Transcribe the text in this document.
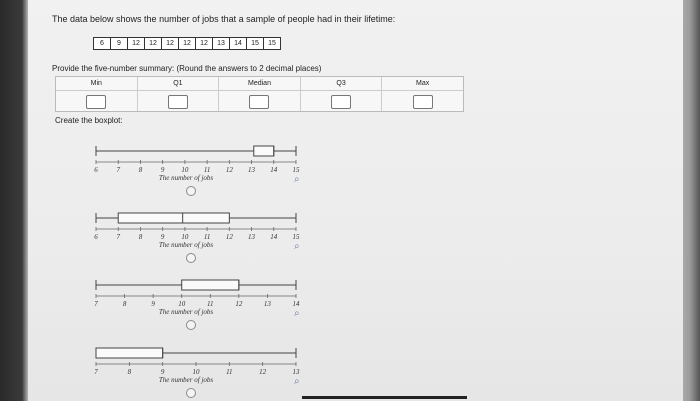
The data below shows the number of jobs that a sample of people had in their lifetime:
6	9	12	12	12	12	12	13	14	15	15
Provide the five-number summary: (Round the answers to 2 decimal places)
Min	Q1	Median	Q3	Max
Create the boxplot:
6	7	8	9 10 11 12 13 14 15
The number of jobs	⌕
6	7	8	9 10 11 12 13 14 15
The number of jobs	⌕
7	8	9	10	11	12	13	14
The number of jobs	⌕
7	8	9	10	11	12	13
The number of jobs	⌕
